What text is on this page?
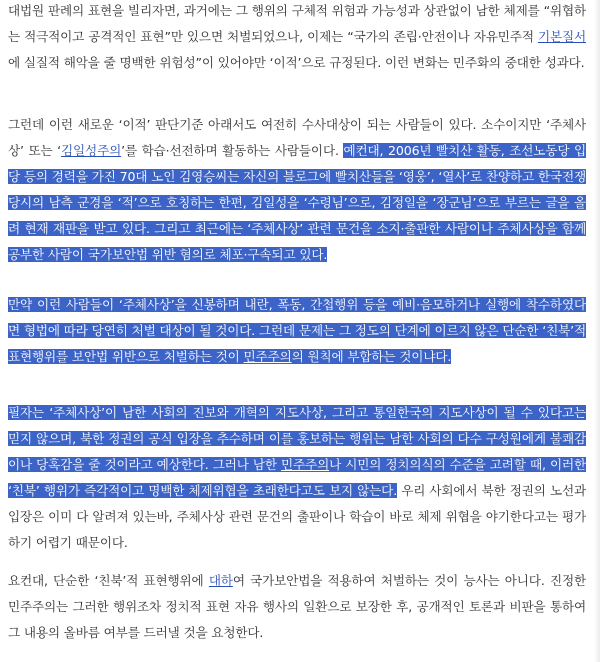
대법원 판례의 표현을 빌리자면, 과거에는 그 행위의 구체적 위험과 가능성과 상관없이 남한 체제를 “위협하는 적극적이고 공격적인 표현”만 있으면 처벌되었으나, 이제는 “국가의 존립·안전이나 자유민주적 기본질서에 실질적 해악을 줄 명백한 위험성”이 있어야만 ‘이적’으로 규정된다. 이런 변화는 민주화의 중대한 성과다.

그런데 이런 새로운 ‘이적’ 판단기준 아래서도 여전히 수사대상이 되는 사람들이 있다. 소수이지만 ‘주체사상’ 또는 ‘김일성주의’를 학습·선전하며 활동하는 사람들이다. 예컨대, 2006년 빨치산 활동, 조선노동당 입당 등의 경력을 가진 70대 노인 김영승씨는 자신의 블로그에 빨치산들을 ‘영웅’, ‘열사’로 찬양하고 한국전쟁 당시의 남측 군경을 ‘적’으로 호칭하는 한편, 김일성을 ‘수령님’으로, 김정일을 ‘장군님’으로 부르는 글을 올려 현재 재판을 받고 있다. 그리고 최근에는 ‘주체사상’ 관련 문건을 소지·출판한 사람이나 주체사상을 함께 공부한 사람이 국가보안법 위반 혐의로 체포·구속되고 있다.

만약 이런 사람들이 ‘주체사상’을 신봉하며 내란, 폭동, 간첩행위 등을 예비·음모하거나 실행에 착수하였다면 형법에 따라 당연히 처벌 대상이 될 것이다. 그런데 문제는 그 정도의 단계에 이르지 않은 단순한 ‘친북’적 표현행위를 보안법 위반으로 처벌하는 것이 민주주의의 원칙에 부합하는 것이냐다.

필자는 ‘주체사상’이 남한 사회의 진보와 개혁의 지도사상, 그리고 통일한국의 지도사상이 될 수 있다고는 믿지 않으며, 북한 정권의 공식 입장을 추수하며 이를 홍보하는 행위는 남한 사회의 다수 구성원에게 불쾌감이나 당혹감을 줄 것이라고 예상한다. 그러나 남한 민주주의나 시민의 정치의식의 수준을 고려할 때, 이러한 ‘친북’ 행위가 즉각적이고 명백한 체제위협을 초래한다고도 보지 않는다. 우리 사회에서 북한 정권의 노선과 입장은 이미 다 알려져 있는바, 주체사상 관련 문건의 출판이나 학습이 바로 체제 위협을 야기한다고는 평가하기 어렵기 때문이다.

요컨대, 단순한 ‘친북’적 표현행위에 대하여 국가보안법을 적용하여 처벌하는 것이 능사는 아니다. 진정한 민주주의는 그러한 행위조차 정치적 표현 자유 행사의 일환으로 보장한 후, 공개적인 토론과 비판을 통하여 그 내용의 올바름 여부를 드러낼 것을 요청한다.
